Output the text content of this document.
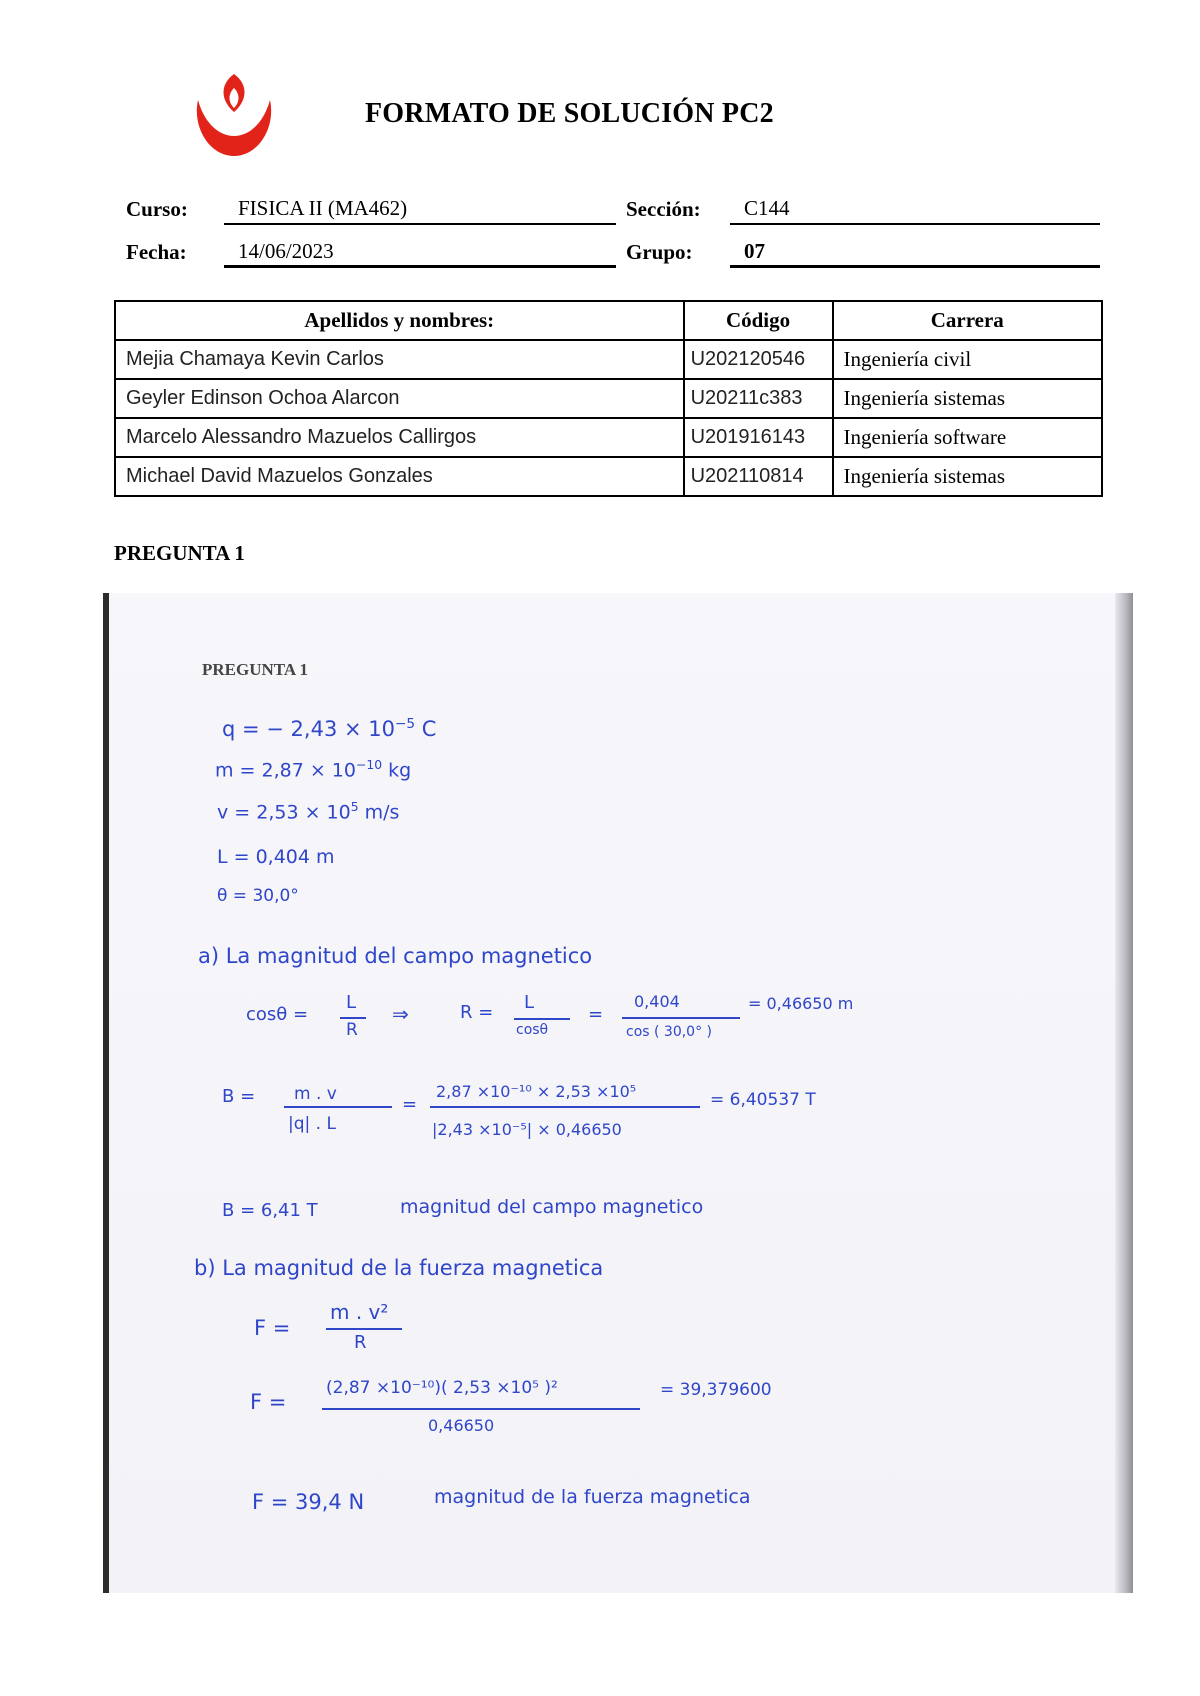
FORMATO DE SOLUCIÓN PC2
Curso:	FISICA II (MA462)	Sección:	C144
Fecha:	14/06/2023	Grupo:	07
Apellidos y nombres:	Código	Carrera
Mejia Chamaya Kevin Carlos	U202120546	Ingeniería civil
Geyler Edinson Ochoa Alarcon	U20211c383	Ingeniería sistemas
Marcelo Alessandro Mazuelos Callirgos	U201916143	Ingeniería software
Michael David Mazuelos Gonzales	U202110814	Ingeniería sistemas
PREGUNTA 1
PREGUNTA 1
q = − $2,43 \times 10^{-5}$ C
$m = 2,87 \times 10^{-10}$ kg
$v = 2,53 \times 10^5$ m/s
L = 0,404 m
θ = 30,0°
a) La magnitud del campo magnetico
cosθ =
L
R
⇒	R = L
cosθ
=
0,404
cos ( 30,0° )
= 0,46650 m
B = m . v
|q| . L
=
2,87 ×10⁻¹⁰ × 2,53 ×10⁵
|2,43 ×10⁻⁵| × 0,46650
= 6,40537 T
B = 6,41 T	magnitud del campo magnetico
b) La magnitud de la fuerza magnetica
F =
m . v²
R
F =
(2,87 ×10⁻¹⁰)( 2,53 ×10⁵ )²
0,46650
= 39,379600
F = 39,4 N	magnitud de la fuerza magnetica
